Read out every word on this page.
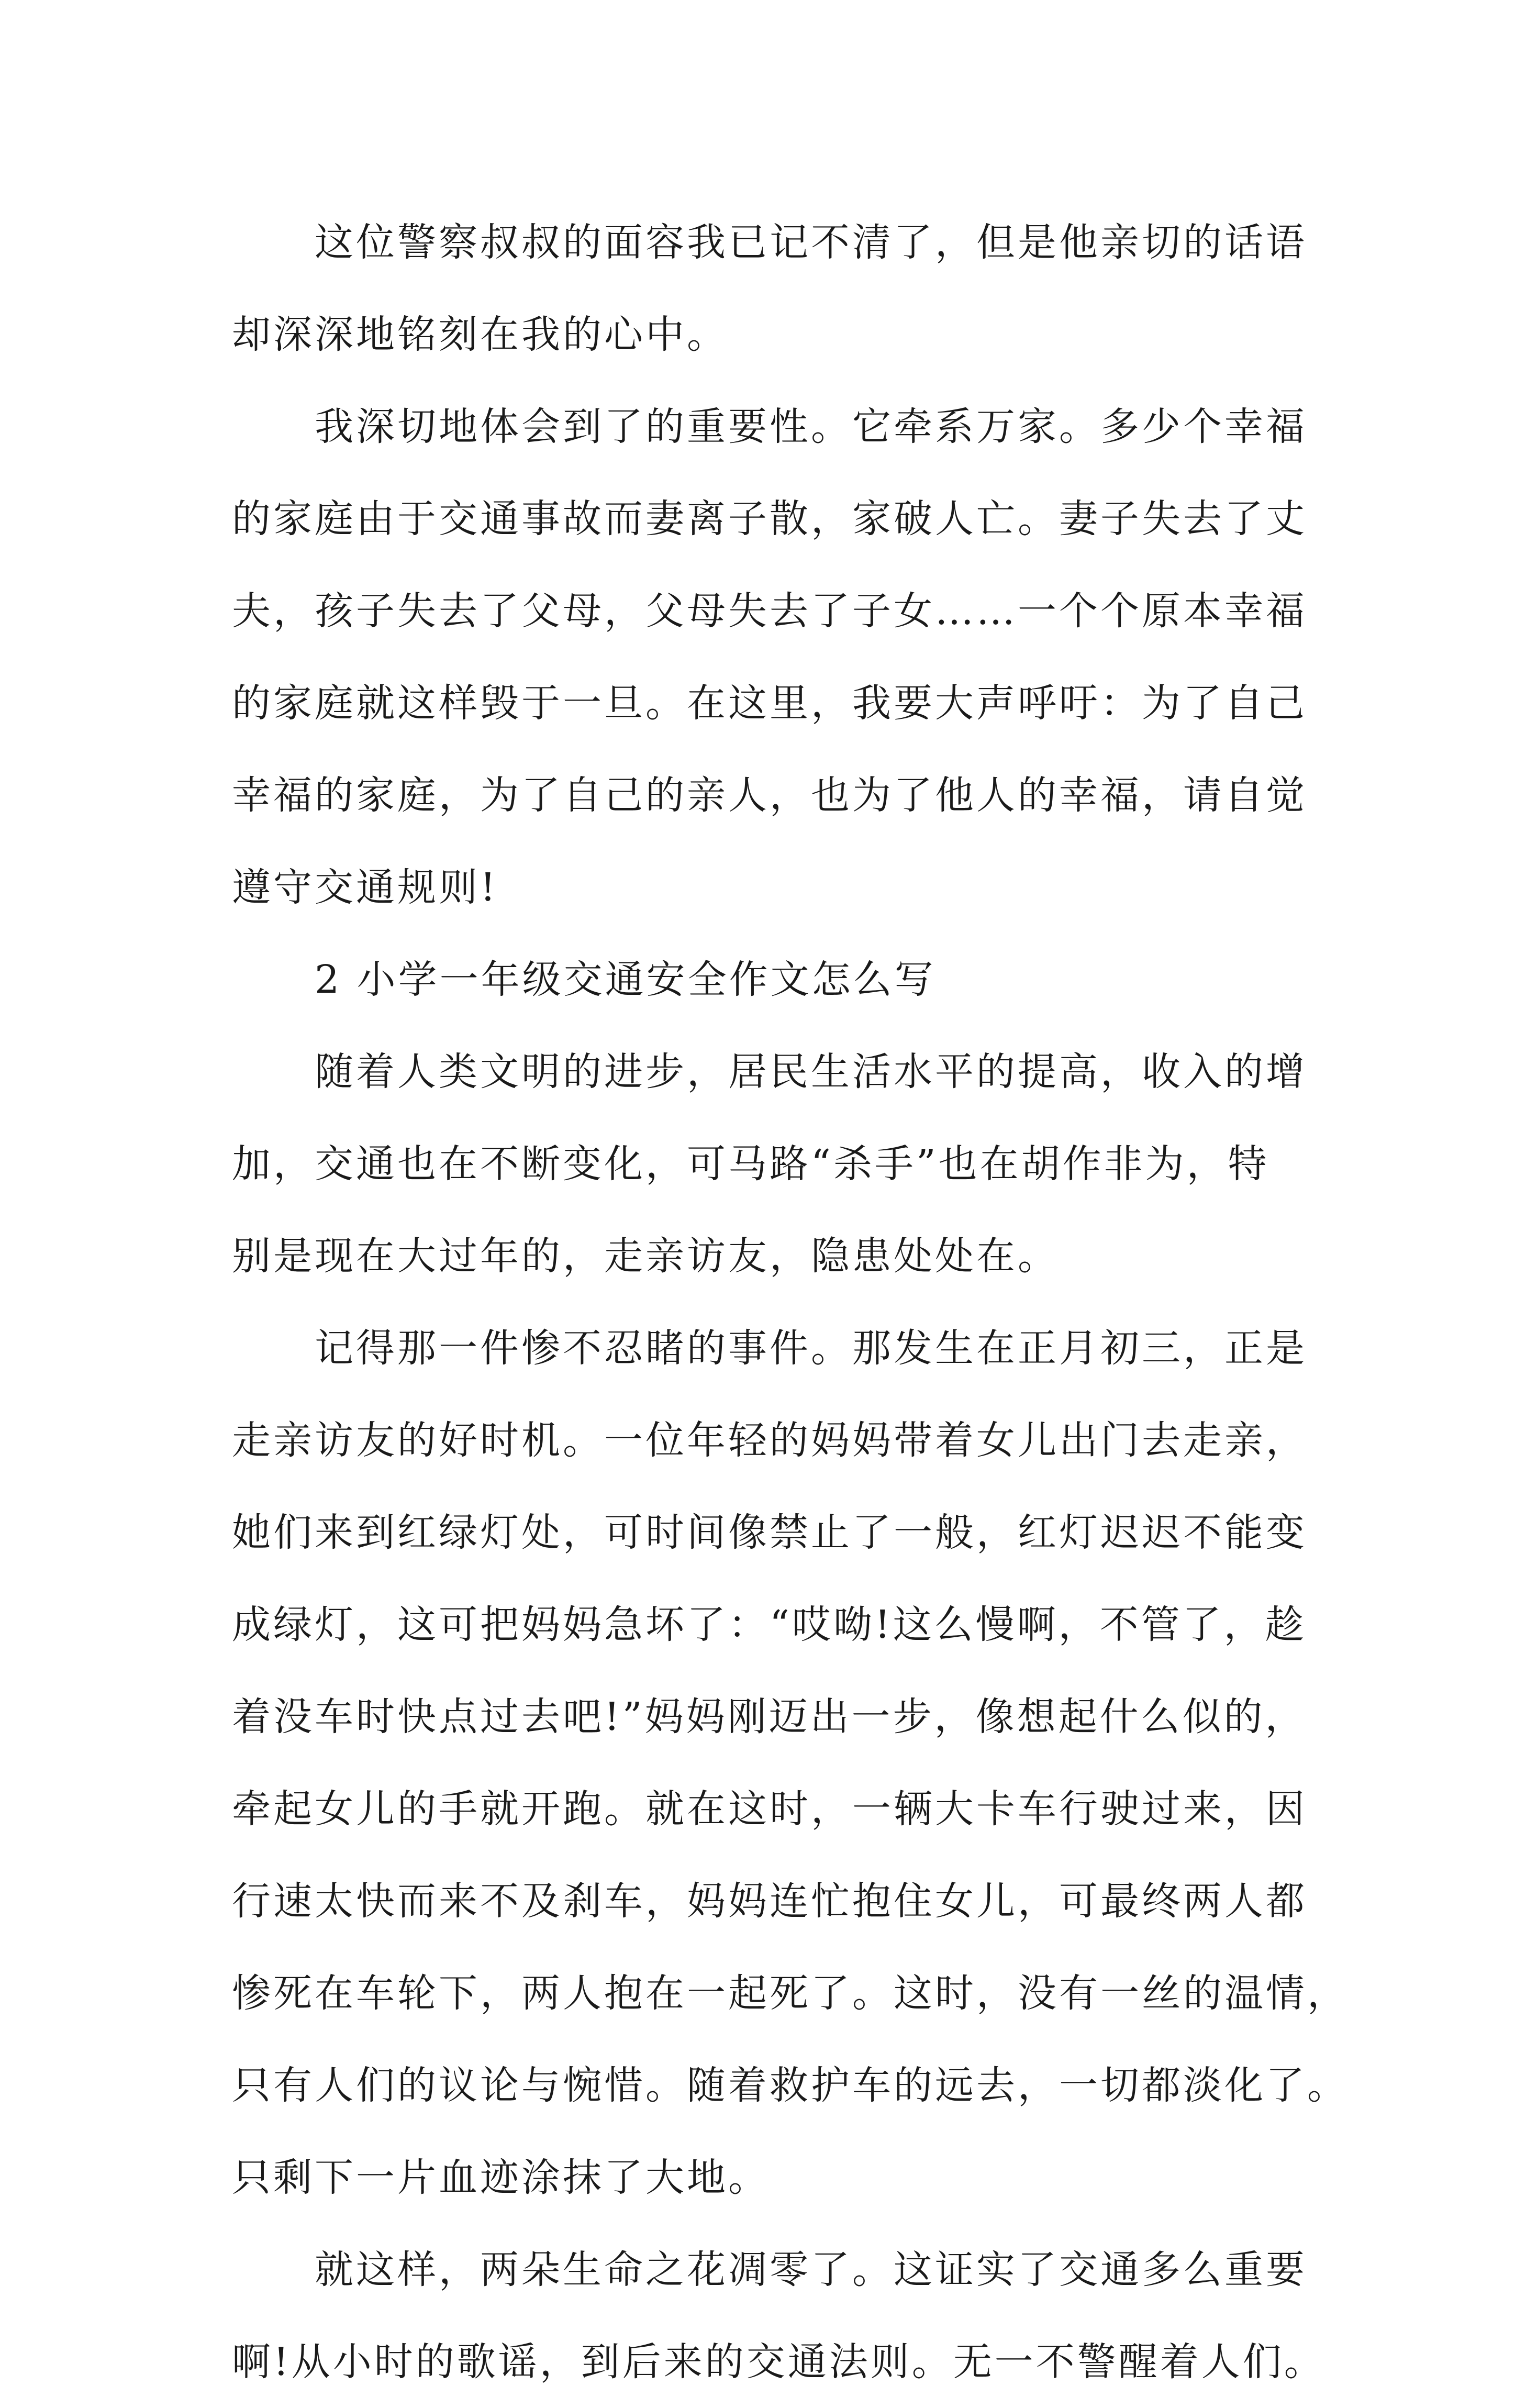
这位警察叔叔的面容我已记不清了，但是他亲切的话语
却深深地铭刻在我的心中。
我深切地体会到了的重要性。它牵系万家。多少个幸福
的家庭由于交通事故而妻离子散，家破人亡。妻子失去了丈
夫，孩子失去了父母，父母失去了子女……一个个原本幸福
的家庭就这样毁于一旦。在这里，我要大声呼吁：为了自己
幸福的家庭，为了自己的亲人，也为了他人的幸福，请自觉
遵守交通规则!
2 小学一年级交通安全作文怎么写
随着人类文明的进步，居民生活水平的提高，收入的增
加，交通也在不断变化，可马路“杀手”也在胡作非为，特
别是现在大过年的，走亲访友，隐患处处在。
记得那一件惨不忍睹的事件。那发生在正月初三，正是
走亲访友的好时机。一位年轻的妈妈带着女儿出门去走亲，
她们来到红绿灯处，可时间像禁止了一般，红灯迟迟不能变
成绿灯，这可把妈妈急坏了：“哎呦!这么慢啊，不管了，趁
着没车时快点过去吧!”妈妈刚迈出一步，像想起什么似的，
牵起女儿的手就开跑。就在这时，一辆大卡车行驶过来，因
行速太快而来不及刹车，妈妈连忙抱住女儿，可最终两人都
惨死在车轮下，两人抱在一起死了。这时，没有一丝的温情，
只有人们的议论与惋惜。随着救护车的远去，一切都淡化了。
只剩下一片血迹涂抹了大地。
就这样，两朵生命之花凋零了。这证实了交通多么重要
啊!从小时的歌谣，到后来的交通法则。无一不警醒着人们。
